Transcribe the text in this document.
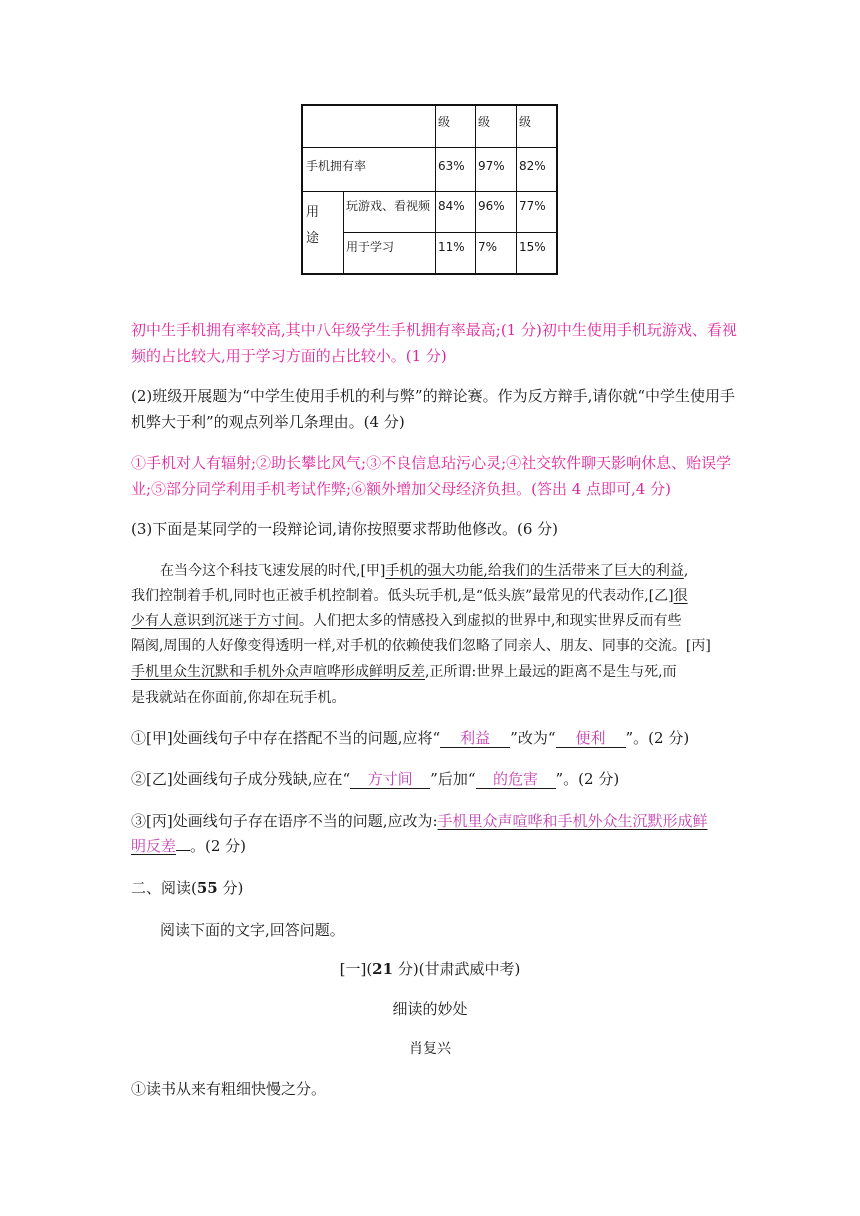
级 级 级
手机拥有率	63% 97% 82%
用
途
玩游戏、看视频 84% 96% 77%
用于学习	11% 7% 15%
初中生手机拥有率较高,其中八年级学生手机拥有率最高;(1 分)初中生使用手机玩游戏、看视
频的占比较大,用于学习方面的占比较小。(1 分)
(2)班级开展题为“中学生使用手机的利与弊”的辩论赛。作为反方辩手,请你就“中学生使用手
机弊大于利”的观点列举几条理由。(4 分)
①手机对人有辐射;②助长攀比风气;③不良信息玷污心灵;④社交软件聊天影响休息、贻误学
业;⑤部分同学利用手机考试作弊;⑥额外增加父母经济负担。(答出 4 点即可,4 分)
(3)下面是某同学的一段辩论词,请你按照要求帮助他修改。(6 分)
在当今这个科技飞速发展的时代,[甲]手机的强大功能,给我们的生活带来了巨大的利益,
我们控制着手机,同时也正被手机控制着。低头玩手机,是“低头族”最常见的代表动作,[乙]很
少有人意识到沉迷于方寸间。人们把太多的情感投入到虚拟的世界中,和现实世界反而有些
隔阂,周围的人好像变得透明一样,对手机的依赖使我们忽略了同亲人、朋友、同事的交流。[丙]
手机里众生沉默和手机外众声喧哗形成鲜明反差,正所谓:世界上最远的距离不是生与死,而
是我就站在你面前,你却在玩手机。
①[甲]处画线句子中存在搭配不当的问题,应将“ 利益 ”改为“ 便利 ”。(2 分)
②[乙]处画线句子成分残缺,应在“ 方寸间 ”后加“ 的危害 ”。(2 分)
③[丙]处画线句子存在语序不当的问题,应改为:手机里众声喧哗和手机外众生沉默形成鲜
明反差 。(2 分)
二、阅读(55 分)
阅读下面的文字,回答问题。
[一](21 分)(甘肃武威中考)
细读的妙处
肖复兴
①读书从来有粗细快慢之分。
